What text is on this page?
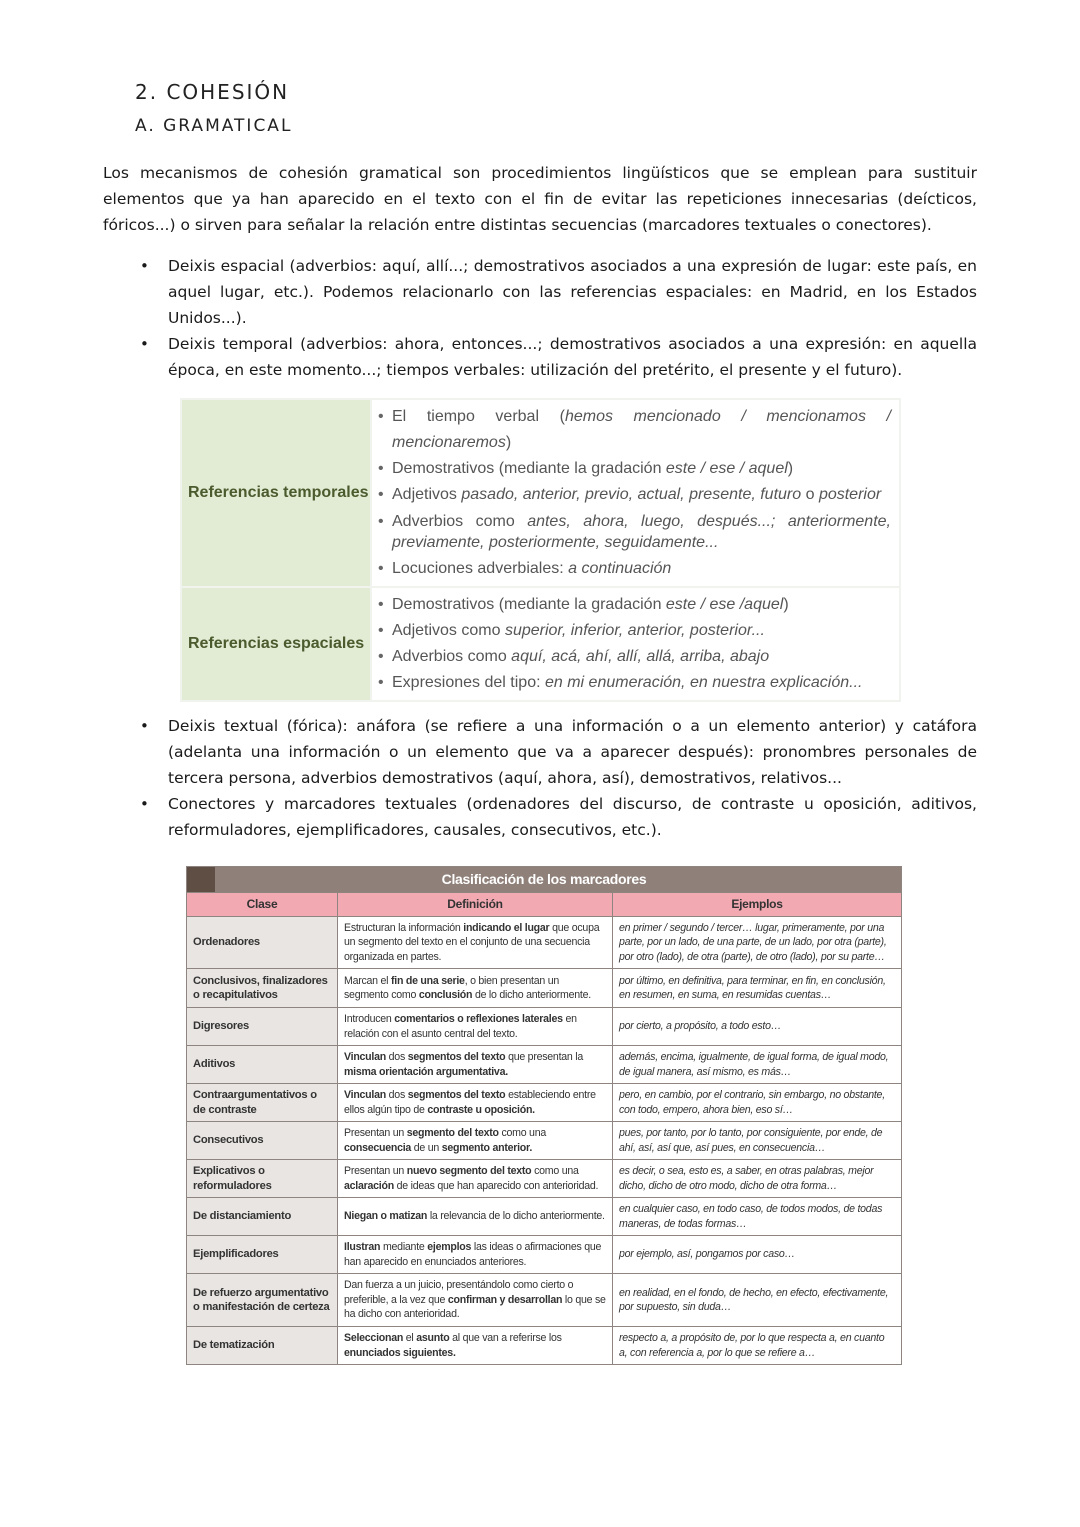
2. COHESIÓN
A. GRAMATICAL

Los mecanismos de cohesión gramatical son procedimientos lingüísticos que se emplean para sustituir elementos que ya han aparecido en el texto con el fin de evitar las repeticiones innecesarias (deícticos, fóricos...) o sirven para señalar la relación entre distintas secuencias (marcadores textuales o conectores).

• Deixis espacial (adverbios: aquí, allí...; demostrativos asociados a una expresión de lugar: este país, en aquel lugar, etc.). Podemos relacionarlo con las referencias espaciales: en Madrid, en los Estados Unidos...).
• Deixis temporal (adverbios: ahora, entonces...; demostrativos asociados a una expresión: en aquella época, en este momento...; tiempos verbales: utilización del pretérito, el presente y el futuro).
Referencias temporales	• El tiempo verbal (hemos mencionado / mencionamos / mencionaremos)
• Demostrativos (mediante la gradación este / ese / aquel)
• Adjetivos pasado, anterior, previo, actual, presente, futuro o posterior
• Adverbios como antes, ahora, luego, después...; anteriormente, previamente, posteriormente, seguidamente...
• Locuciones adverbiales: a continuación

Referencias espaciales	• Demostrativos (mediante la gradación este / ese /aquel)
• Adjetivos como superior, inferior, anterior, posterior...
• Adverbios como aquí, acá, ahí, allí, allá, arriba, abajo
• Expresiones del tipo: en mi enumeración, en nuestra explicación...
• Deixis textual (fórica): anáfora (se refiere a una información o a un elemento anterior) y catáfora (adelanta una información o un elemento que va a aparecer después): pronombres personales de tercera persona, adverbios demostrativos (aquí, ahora, así), demostrativos, relativos...
• Conectores y marcadores textuales (ordenadores del discurso, de contraste u oposición, aditivos, reformuladores, ejemplificadores, causales, consecutivos, etc.).
Clasificación de los marcadores		
Clase	Definición	Ejemplos
Ordenadores	Estructuran la información indicando el lugar que ocupa un segmento del texto en el conjunto de una secuencia organizada en partes.	en primer / segundo / tercer… lugar, primeramente, por una parte, por un lado, de una parte, de un lado, por otra (parte), por otro (lado), de otra (parte), de otro (lado), por su parte…
Conclusivos, finalizadores o recapitulativos	Marcan el fin de una serie, o bien presentan un segmento como conclusión de lo dicho anteriormente.	por último, en definitiva, para terminar, en fin, en conclusión, en resumen, en suma, en resumidas cuentas…
Digresores	Introducen comentarios o reflexiones laterales en relación con el asunto central del texto.	por cierto, a propósito, a todo esto…
Aditivos	Vinculan dos segmentos del texto que presentan la misma orientación argumentativa.	además, encima, igualmente, de igual forma, de igual modo, de igual manera, así mismo, es más…
Contraargumentativos o de contraste	Vinculan dos segmentos del texto estableciendo entre ellos algún tipo de contraste u oposición.	pero, en cambio, por el contrario, sin embargo, no obstante, con todo, empero, ahora bien, eso sí…
Consecutivos	Presentan un segmento del texto como una consecuencia de un segmento anterior.	pues, por tanto, por lo tanto, por consiguiente, por ende, de ahí, así, así que, así pues, en consecuencia…
Explicativos o reformuladores	Presentan un nuevo segmento del texto como una aclaración de ideas que han aparecido con anterioridad.	es decir, o sea, esto es, a saber, en otras palabras, mejor dicho, dicho de otro modo, dicho de otra forma…
De distanciamiento	Niegan o matizan la relevancia de lo dicho anteriormente.	en cualquier caso, en todo caso, de todos modos, de todas maneras, de todas formas…
Ejemplificadores	Ilustran mediante ejemplos las ideas o afirmaciones que han aparecido en enunciados anteriores.	por ejemplo, así, pongamos por caso…
De refuerzo argumentativo o manifestación de certeza	Dan fuerza a un juicio, presentándolo como cierto o preferible, a la vez que confirman y desarrollan lo que se ha dicho con anterioridad.	en realidad, en el fondo, de hecho, en efecto, efectivamente, por supuesto, sin duda…
De tematización	Seleccionan el asunto al que van a referirse los enunciados siguientes.	respecto a, a propósito de, por lo que respecta a, en cuanto a, con referencia a, por lo que se refiere a…
